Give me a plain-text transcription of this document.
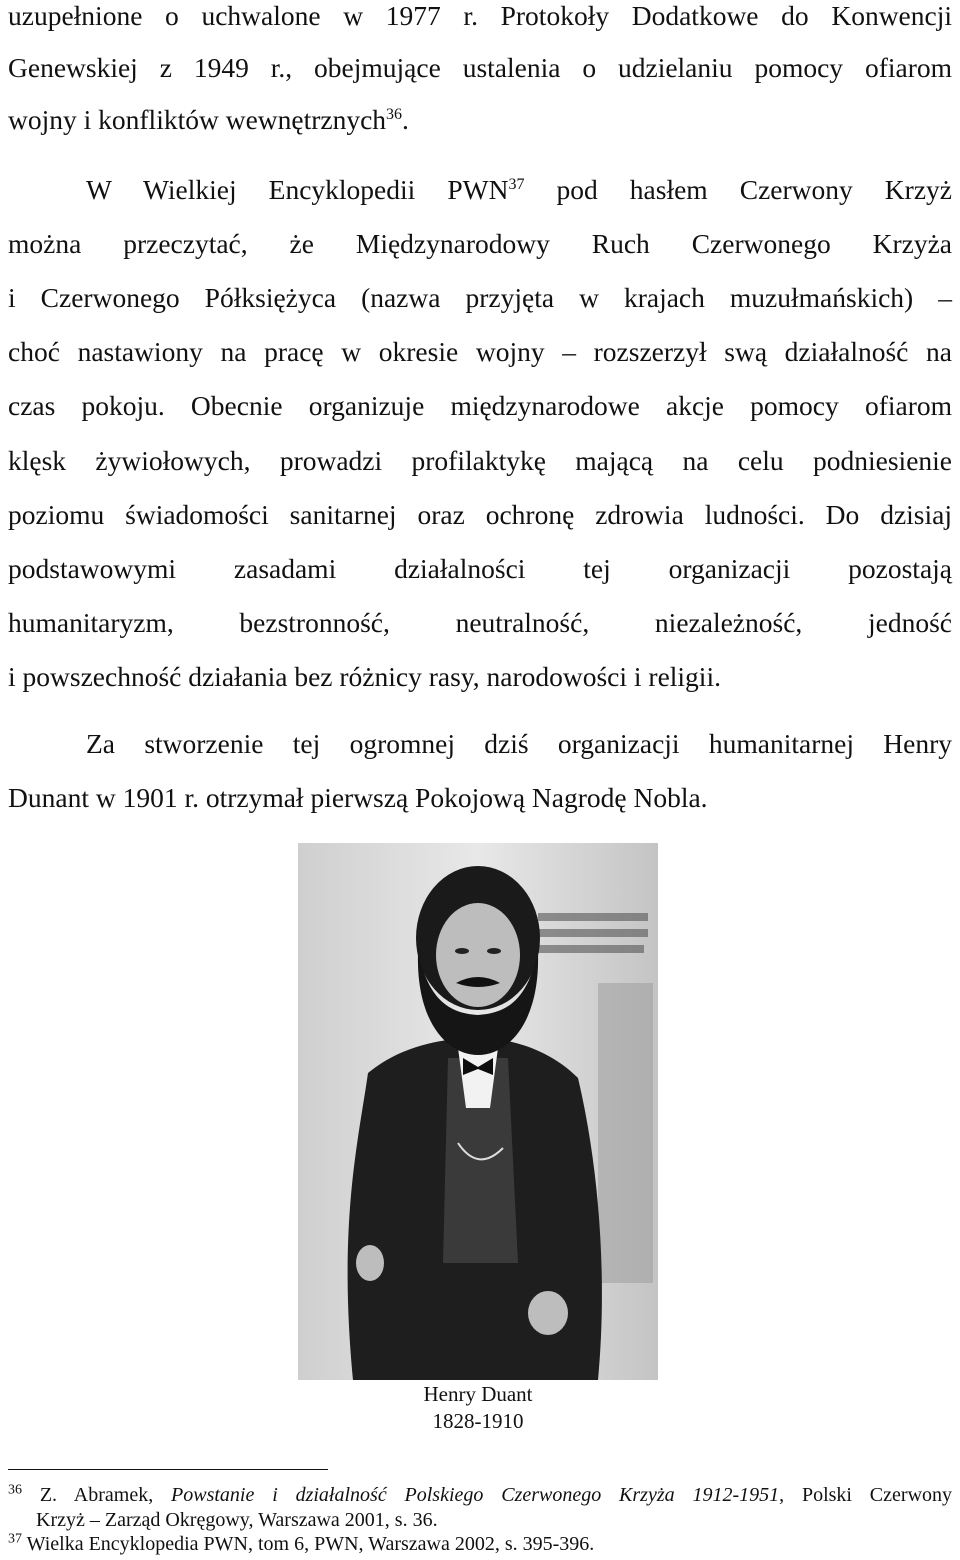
uzupełnione o uchwalone w 1977 r. Protokoły Dodatkowe do Konwencji
Genewskiej z 1949 r., obejmujące ustalenia o udzielaniu pomocy ofiarom
wojny i konfliktów wewnętrznych$^{36}$.
W Wielkiej Encyklopedii PWN$^{37}$ pod hasłem Czerwony Krzyż
można przeczytać, że Międzynarodowy Ruch Czerwonego Krzyża
i Czerwonego Półksiężyca (nazwa przyjęta w krajach muzułmańskich) –
choć nastawiony na pracę w okresie wojny – rozszerzył swą działalność na
czas pokoju. Obecnie organizuje międzynarodowe akcje pomocy ofiarom
klęsk żywiołowych, prowadzi profilaktykę mającą na celu podniesienie
poziomu świadomości sanitarnej oraz ochronę zdrowia ludności. Do dzisiaj
podstawowymi zasadami działalności tej organizacji pozostają
humanitaryzm, bezstronność, neutralność, niezależność, jedność
i powszechność działania bez różnicy rasy, narodowości i religii.
Za stworzenie tej ogromnej dziś organizacji humanitarnej Henry
Dunant w 1901 r. otrzymał pierwszą Pokojową Nagrodę Nobla.
Henry Duant
1828-1910
$^{36}$ Z. Abramek, Powstanie i działalność Polskiego Czerwonego Krzyża 1912-1951, Polski Czerwony
Krzyż – Zarząd Okręgowy, Warszawa 2001, s. 36.
$^{37}$ Wielka Encyklopedia PWN, tom 6, PWN, Warszawa 2002, s. 395-396.
